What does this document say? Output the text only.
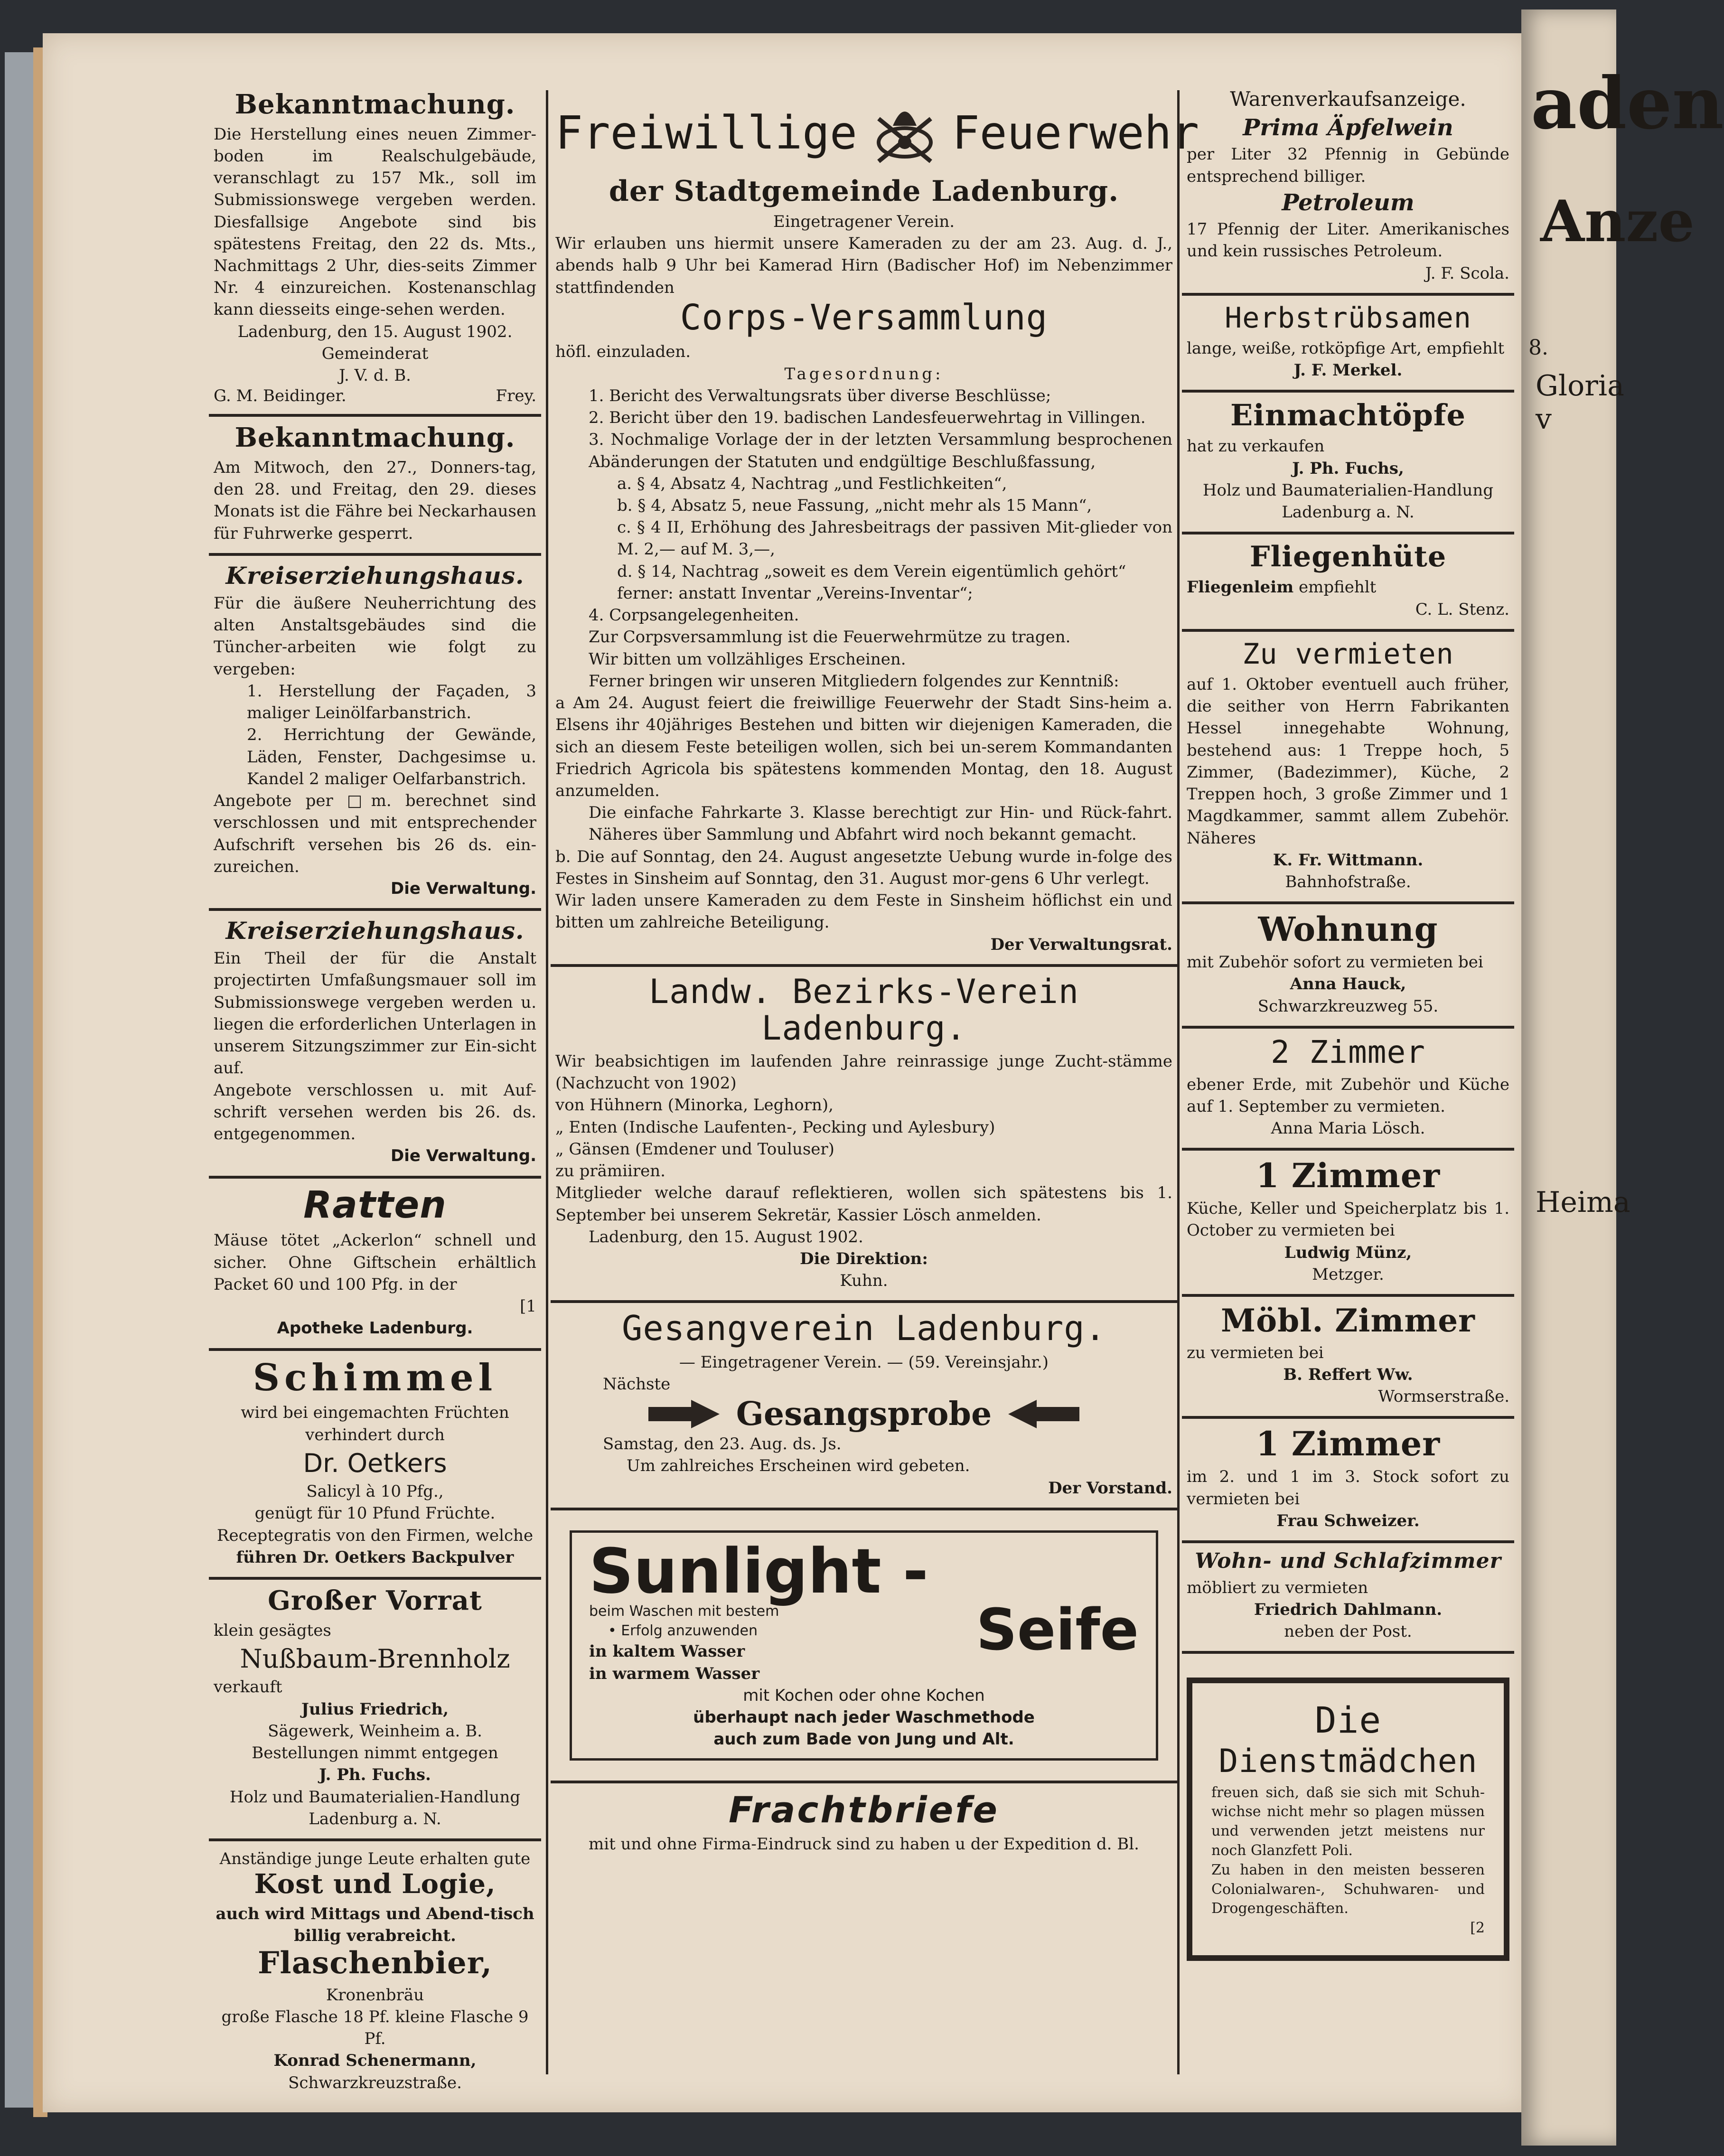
aden
Anze
8.
Gloria v
Heima
Bekanntmachung.

Die Herstellung eines neuen Zimmer-boden im Realschulgebäude, veranschlagt zu 157 Mk., soll im Submissionswege vergeben werden. Diesfallsige Angebote sind bis spätestens Freitag, den 22 ds. Mts., Nachmittags 2 Uhr, dies-seits Zimmer Nr. 4 einzureichen. Kostenanschlag kann diesseits einge-sehen werden.

Ladenburg, den 15. August 1902.

Gemeinderat

J. V. d. B.

G. M. Beidinger.	Frey.
Bekanntmachung.

Am Mitwoch, den 27., Donners-tag, den 28. und Freitag, den 29. dieses Monats ist die Fähre bei Neckarhausen für Fuhrwerke gesperrt.

Kreiserziehungshaus.

Für die äußere Neuherrichtung des alten Anstaltsgebäudes sind die Tüncher-arbeiten wie folgt zu vergeben:

1. Herstellung der Façaden, 3 maliger Leinölfarbanstrich.

2. Herrichtung der Gewände, Läden, Fenster, Dachgesimse u. Kandel 2 maliger Oelfarbanstrich.

Angebote per □m. berechnet sind verschlossen und mit entsprechender Aufschrift versehen bis 26 ds. ein-zureichen.

Die Verwaltung.

Kreiserziehungshaus.

Ein Theil der für die Anstalt projectirten Umfaßungsmauer soll im Submissionswege vergeben werden u. liegen die erforderlichen Unterlagen in unserem Sitzungszimmer zur Ein-sicht auf.

Angebote verschlossen u. mit Auf-schrift versehen werden bis 26. ds. entgegenommen.

Die Verwaltung.

Ratten

Mäuse tötet „Ackerlon“ schnell und sicher. Ohne Giftschein erhältlich Packet 60 und 100 Pfg. in der

[1

Apotheke Ladenburg.

Schimmel

wird bei eingemachten Früchten

verhindert durch

Dr. Oetkers

Salicyl à 10 Pfg.,

genügt für 10 Pfund Früchte.

Receptegratis von den Firmen, welche

führen Dr. Oetkers Backpulver

Großer Vorrat

klein gesägtes

Nußbaum-Brennholz

verkauft

Julius Friedrich,

Sägewerk, Weinheim a. B.

Bestellungen nimmt entgegen

J. Ph. Fuchs.

Holz und Baumaterialien-Handlung

Ladenburg a. N.

Anständige junge Leute erhalten gute

Kost und Logie,

auch wird Mittags und Abend-tisch billig verabreicht.

Flaschenbier,

Kronenbräu

große Flasche 18 Pf. kleine Flasche 9 Pf.

Konrad Schenermann,

Schwarzkreuzstraße.

Freiwillige Feuerwehr
der Stadtgemeinde Ladenburg.

Eingetragener Verein.

Wir erlauben uns hiermit unsere Kameraden zu der am 23. Aug. d. J., abends halb 9 Uhr bei Kamerad Hirn (Badischer Hof) im Nebenzimmer stattfindenden

Corps-Versammlung

höfl. einzuladen.

Tagesordnung:

1. Bericht des Verwaltungsrats über diverse Beschlüsse;

2. Bericht über den 19. badischen Landesfeuerwehrtag in Villingen.

3. Nochmalige Vorlage der in der letzten Versammlung besprochenen Abänderungen der Statuten und endgültige Beschlußfassung,

a. § 4, Absatz 4, Nachtrag „und Festlichkeiten“,

b. § 4, Absatz 5, neue Fassung, „nicht mehr als 15 Mann“,

c. § 4 II, Erhöhung des Jahresbeitrags der passiven Mit-glieder von M. 2,— auf M. 3,—,

d. § 14, Nachtrag „soweit es dem Verein eigentümlich gehört“

ferner: anstatt Inventar „Vereins-Inventar“;

4. Corpsangelegenheiten.

Zur Corpsversammlung ist die Feuerwehrmütze zu tragen.

Wir bitten um vollzähliges Erscheinen.

Ferner bringen wir unseren Mitgliedern folgendes zur Kenntniß:

a Am 24. August feiert die freiwillige Feuerwehr der Stadt Sins-heim a. Elsens ihr 40jähriges Bestehen und bitten wir diejenigen Kameraden, die sich an diesem Feste beteiligen wollen, sich bei un-serem Kommandanten Friedrich Agricola bis spätestens kommenden Montag, den 18. August anzumelden.

Die einfache Fahrkarte 3. Klasse berechtigt zur Hin- und Rück-fahrt. Näheres über Sammlung und Abfahrt wird noch bekannt gemacht.

b. Die auf Sonntag, den 24. August angesetzte Uebung wurde in-folge des Festes in Sinsheim auf Sonntag, den 31. August mor-gens 6 Uhr verlegt.

Wir laden unsere Kameraden zu dem Feste in Sinsheim höflichst ein und bitten um zahlreiche Beteiligung.

Der Verwaltungsrat.

Landw. Bezirks-Verein Ladenburg.

Wir beabsichtigen im laufenden Jahre reinrassige junge Zucht-stämme (Nachzucht von 1902)

von Hühnern (Minorka, Leghorn),

„ Enten (Indische Laufenten-, Pecking und Aylesbury)

„ Gänsen (Emdener und Touluser)

zu prämiiren.

Mitglieder welche darauf reflektieren, wollen sich spätestens bis 1. September bei unserem Sekretär, Kassier Lösch anmelden.

Ladenburg, den 15. August 1902.

Die Direktion:

Kuhn.

Gesangverein Ladenburg.

— Eingetragener Verein. — (59. Vereinsjahr.)

Nächste

Gesangsprobe

Samstag, den 23. Aug. ds. Js.

Um zahlreiches Erscheinen wird gebeten.

Der Vorstand.

Sunlight -

beim Waschen mit bestem

• Erfolg anzuwenden

in kaltem Wasser

in warmem Wasser

Seife

mit Kochen oder ohne Kochen

überhaupt nach jeder Waschmethode

auch zum Bade von Jung und Alt.

Frachtbriefe

mit und ohne Firma-Eindruck sind zu haben u der Expedition d. Bl.

Warenverkaufsanzeige.

Prima Äpfelwein

per Liter 32 Pfennig in Gebünde entsprechend billiger.

Petroleum

17 Pfennig der Liter. Amerikanisches und kein russisches Petroleum.

J. F. Scola.

Herbstrübsamen

lange, weiße, rotköpfige Art, empfiehlt

J. F. Merkel.

Einmachtöpfe

hat zu verkaufen

J. Ph. Fuchs,

Holz und Baumaterialien-Handlung

Ladenburg a. N.

Fliegenhüte

Fliegenleim empfiehlt

C. L. Stenz.

Zu vermieten

auf 1. Oktober eventuell auch früher, die seither von Herrn Fabrikanten Hessel innegehabte Wohnung, bestehend aus: 1 Treppe hoch, 5 Zimmer, (Badezimmer), Küche, 2 Treppen hoch, 3 große Zimmer und 1 Magdkammer, sammt allem Zubehör. Näheres

K. Fr. Wittmann.

Bahnhofstraße.

Wohnung

mit Zubehör sofort zu vermieten bei

Anna Hauck,

Schwarzkreuzweg 55.

2 Zimmer

ebener Erde, mit Zubehör und Küche auf 1. September zu vermieten.

Anna Maria Lösch.

1 Zimmer

Küche, Keller und Speicherplatz bis 1. October zu vermieten bei

Ludwig Münz,

Metzger.

Möbl. Zimmer

zu vermieten bei

B. Reffert Ww.

Wormserstraße.

1 Zimmer

im 2. und 1 im 3. Stock sofort zu vermieten bei

Frau Schweizer.

Wohn- und Schlafzimmer

möbliert zu vermieten

Friedrich Dahlmann.

neben der Post.

Die
Dienstmädchen

freuen sich, daß sie sich mit Schuh-wichse nicht mehr so plagen müssen und verwenden jetzt meistens nur noch Glanzfett Poli.

Zu haben in den meisten besseren Colonialwaren-, Schuhwaren- und Drogengeschäften.

[2
